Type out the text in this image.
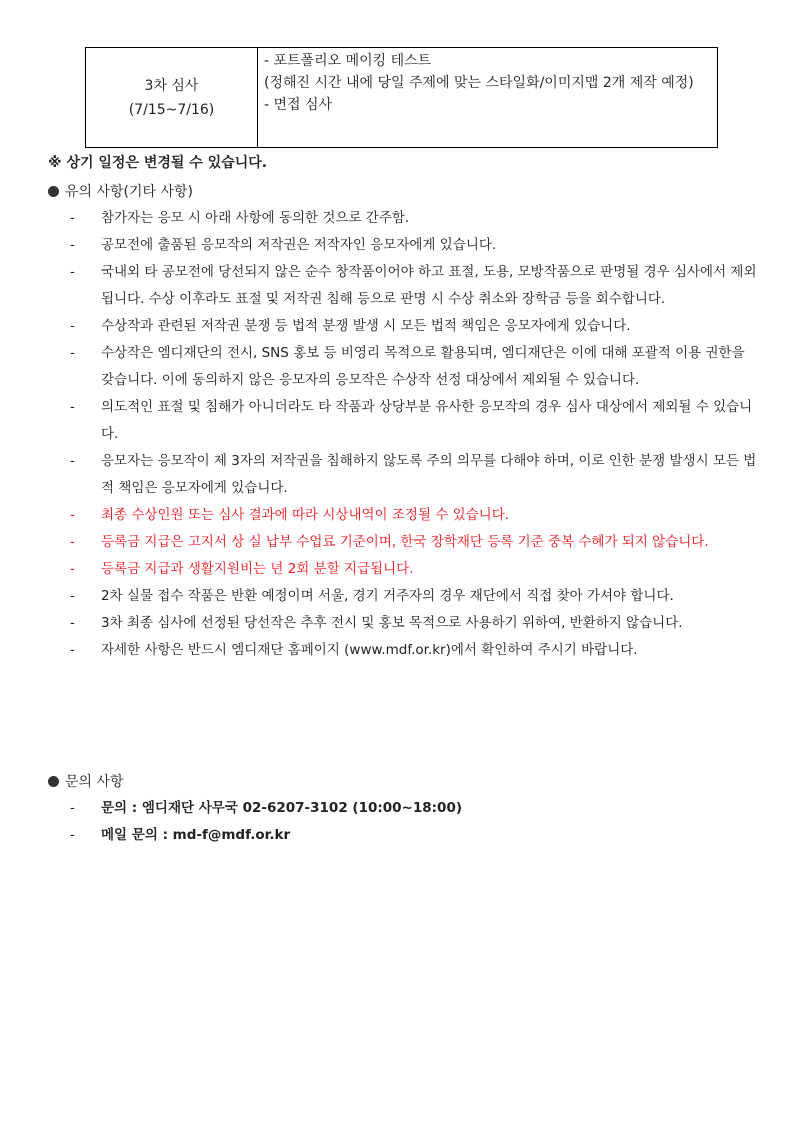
3차 심사
(7/15~7/16)
- 포트폴리오 메이킹 테스트
(정해진 시간 내에 당일 주제에 맞는 스타일화/이미지맵 2개 제작 예정)
- 면접 심사
※ 상기 일정은 변경될 수 있습니다.
유의 사항(기타 사항)
- 참가자는 응모 시 아래 사항에 동의한 것으로 간주함.
- 공모전에 출품된 응모작의 저작권은 저작자인 응모자에게 있습니다.
- 국내외 타 공모전에 당선되지 않은 순수 창작품이어야 하고 표절, 도용, 모방작품으로 판명될 경우 심사에서 제외됩니다. 수상 이후라도 표절 및 저작권 침해 등으로 판명 시 수상 취소와 장학금 등을 회수합니다.
- 수상작과 관련된 저작권 분쟁 등 법적 분쟁 발생 시 모든 법적 책임은 응모자에게 있습니다.
- 수상작은 엠디재단의 전시, SNS 홍보 등 비영리 목적으로 활용되며, 엠디재단은 이에 대해 포괄적 이용 권한을 갖습니다. 이에 동의하지 않은 응모자의 응모작은 수상작 선정 대상에서 제외될 수 있습니다.
- 의도적인 표절 및 침해가 아니더라도 타 작품과 상당부분 유사한 응모작의 경우 심사 대상에서 제외될 수 있습니다.
- 응모자는 응모작이 제 3자의 저작권을 침해하지 않도록 주의 의무를 다해야 하며, 이로 인한 분쟁 발생시 모든 법적 책임은 응모자에게 있습니다.
- 최종 수상인원 또는 심사 결과에 따라 시상내역이 조정될 수 있습니다.
- 등록금 지급은 고지서 상 실 납부 수업료 기준이며, 한국 장학재단 등록 기준 중복 수혜가 되지 않습니다.
- 등록금 지급과 생활지원비는 년 2회 분할 지급됩니다.
- 2차 실물 접수 작품은 반환 예정이며 서울, 경기 거주자의 경우 재단에서 직접 찾아 가셔야 합니다.
- 3차 최종 심사에 선정된 당선작은 추후 전시 및 홍보 목적으로 사용하기 위하여, 반환하지 않습니다.
- 자세한 사항은 반드시 엠디재단 홈페이지 (www.mdf.or.kr)에서 확인하여 주시기 바랍니다.
문의 사항
- 문의 : 엠디재단 사무국 02-6207-3102 (10:00~18:00)
- 메일 문의 : md-f@mdf.or.kr
